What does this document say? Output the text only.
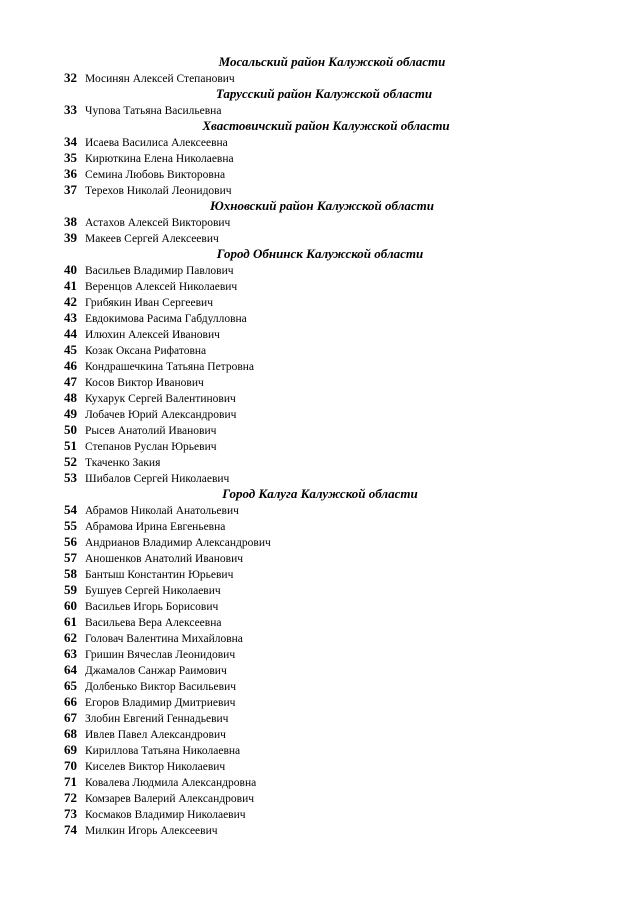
Мосальский район Калужской области
32 Мосинян Алексей Степанович
Тарусский район Калужской области
33 Чупова Татьяна Васильевна
Хвастовичский район Калужской области
34 Исаева Василиса Алексеевна
35 Кирюткина Елена Николаевна
36 Семина Любовь Викторовна
37 Терехов Николай Леонидович
Юхновский район Калужской области
38 Астахов Алексей Викторович
39 Макеев Сергей Алексеевич
Город Обнинск Калужской области
40 Васильев Владимир Павлович
41 Веренцов Алексей Николаевич
42 Грибякин Иван Сергеевич
43 Евдокимова Расима Габдулловна
44 Илюхин Алексей Иванович
45 Козак Оксана Рифатовна
46 Кондрашечкина Татьяна Петровна
47 Косов Виктор Иванович
48 Кухарук Сергей Валентинович
49 Лобачев Юрий Александрович
50 Рысев Анатолий Иванович
51 Степанов Руслан Юрьевич
52 Ткаченко Закия
53 Шибалов Сергей Николаевич
Город Калуга Калужской области
54 Абрамов Николай Анатольевич
55 Абрамова Ирина Евгеньевна
56 Андрианов Владимир Александрович
57 Аношенков Анатолий Иванович
58 Бантыш Константин Юрьевич
59 Бушуев Сергей Николаевич
60 Васильев Игорь Борисович
61 Васильева Вера Алексеевна
62 Головач Валентина Михайловна
63 Гришин Вячеслав Леонидович
64 Джамалов Санжар Раимович
65 Долбенько Виктор Васильевич
66 Егоров Владимир Дмитриевич
67 Злобин Евгений Геннадьевич
68 Ивлев Павел Александрович
69 Кириллова Татьяна Николаевна
70 Киселев Виктор Николаевич
71 Ковалева Людмила Александровна
72 Комзарев Валерий Александрович
73 Космаков Владимир Николаевич
74 Милкин Игорь Алексеевич
